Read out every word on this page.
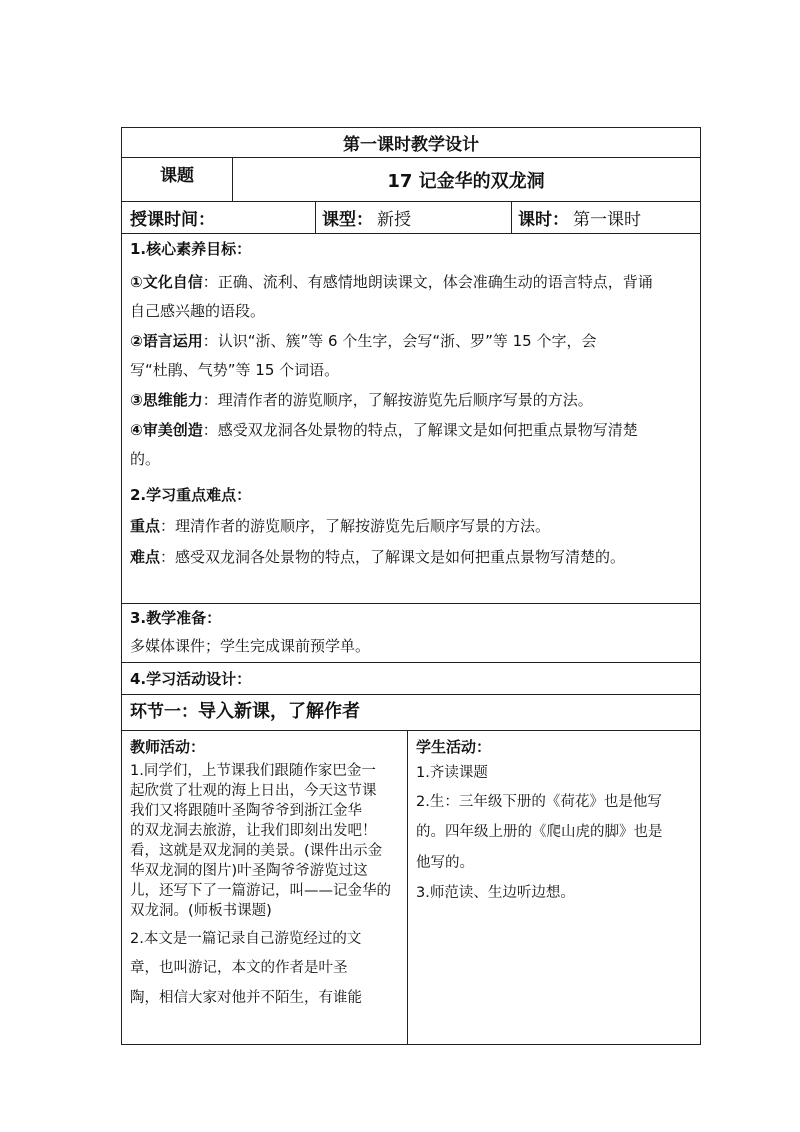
第一课时教学设计
课题	17 记金华的双龙洞
授课时间：	课型： 新授	课时： 第一课时
1.核心素养目标：
①文化自信：正确、流利、有感情地朗读课文，体会准确生动的语言特点，背诵
自己感兴趣的语段。
②语言运用：认识“浙、簇”等 6 个生字，会写“浙、罗”等 15 个字，会
写“杜鹃、气势”等 15 个词语。
③思维能力：理清作者的游览顺序，了解按游览先后顺序写景的方法。
④审美创造：感受双龙洞各处景物的特点，了解课文是如何把重点景物写清楚
的。
2.学习重点难点：
重点：理清作者的游览顺序，了解按游览先后顺序写景的方法。
难点：感受双龙洞各处景物的特点，了解课文是如何把重点景物写清楚的。
3.教学准备：
多媒体课件；学生完成课前预学单。
4.学习活动设计：
环节一：导入新课，了解作者
教师活动：
1.同学们，上节课我们跟随作家巴金一
起欣赏了壮观的海上日出，今天这节课
我们又将跟随叶圣陶爷爷到浙江金华
的双龙洞去旅游，让我们即刻出发吧！
看，这就是双龙洞的美景。(课件出示金
华双龙洞的图片)叶圣陶爷爷游览过这
儿，还写下了一篇游记，叫——记金华的
双龙洞。(师板书课题)
2.本文是一篇记录自己游览经过的文
章，也叫游记，本文的作者是叶圣
陶，相信大家对他并不陌生，有谁能
学生活动：
1.齐读课题
2.生：三年级下册的《荷花》也是他写
的。四年级上册的《爬山虎的脚》也是
他写的。
3.师范读、生边听边想。
